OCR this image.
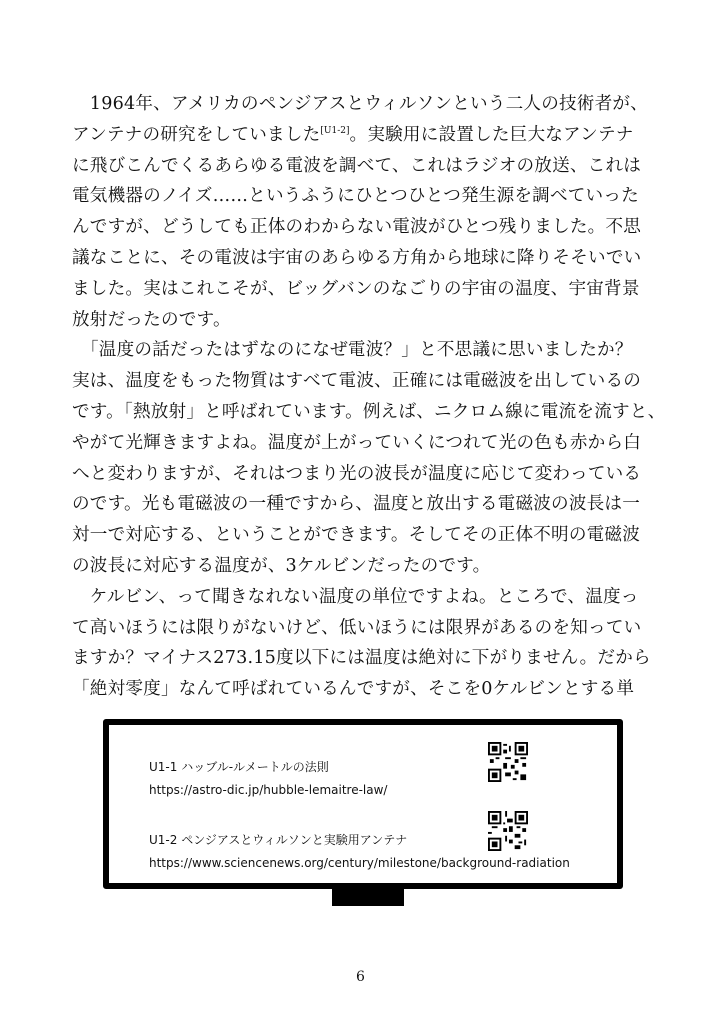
　1964年、アメリカのペンジアスとウィルソンという二人の技術者が、
アンテナの研究をしていました[U1-2]。実験用に設置した巨大なアンテナ
に飛びこんでくるあらゆる電波を調べて、これはラジオの放送、これは
電気機器のノイズ……というふうにひとつひとつ発生源を調べていった
んですが、どうしても正体のわからない電波がひとつ残りました。不思
議なことに、その電波は宇宙のあらゆる方角から地球に降りそそいでい
ました。実はこれこそが、ビッグバンのなごりの宇宙の温度、宇宙背景
放射だったのです。
　「温度の話だったはずなのになぜ電波？」と不思議に思いましたか？
実は、温度をもった物質はすべて電波、正確には電磁波を出しているの
です。「熱放射」と呼ばれています。例えば、ニクロム線に電流を流すと、
やがて光輝きますよね。温度が上がっていくにつれて光の色も赤から白
へと変わりますが、それはつまり光の波長が温度に応じて変わっている
のです。光も電磁波の一種ですから、温度と放出する電磁波の波長は一
対一で対応する、ということができます。そしてその正体不明の電磁波
の波長に対応する温度が、3ケルビンだったのです。
　ケルビン、って聞きなれない温度の単位ですよね。ところで、温度っ
て高いほうには限りがないけど、低いほうには限界があるのを知ってい
ますか？マイナス273.15度以下には温度は絶対に下がりません。だから
「絶対零度」なんて呼ばれているんですが、そこを0ケルビンとする単
U1-1 ハッブル-ルメートルの法則
https://astro-dic.jp/hubble-lemaitre-law/
U1-2 ペンジアスとウィルソンと実験用アンテナ
https://www.sciencenews.org/century/milestone/background-radiation
6
